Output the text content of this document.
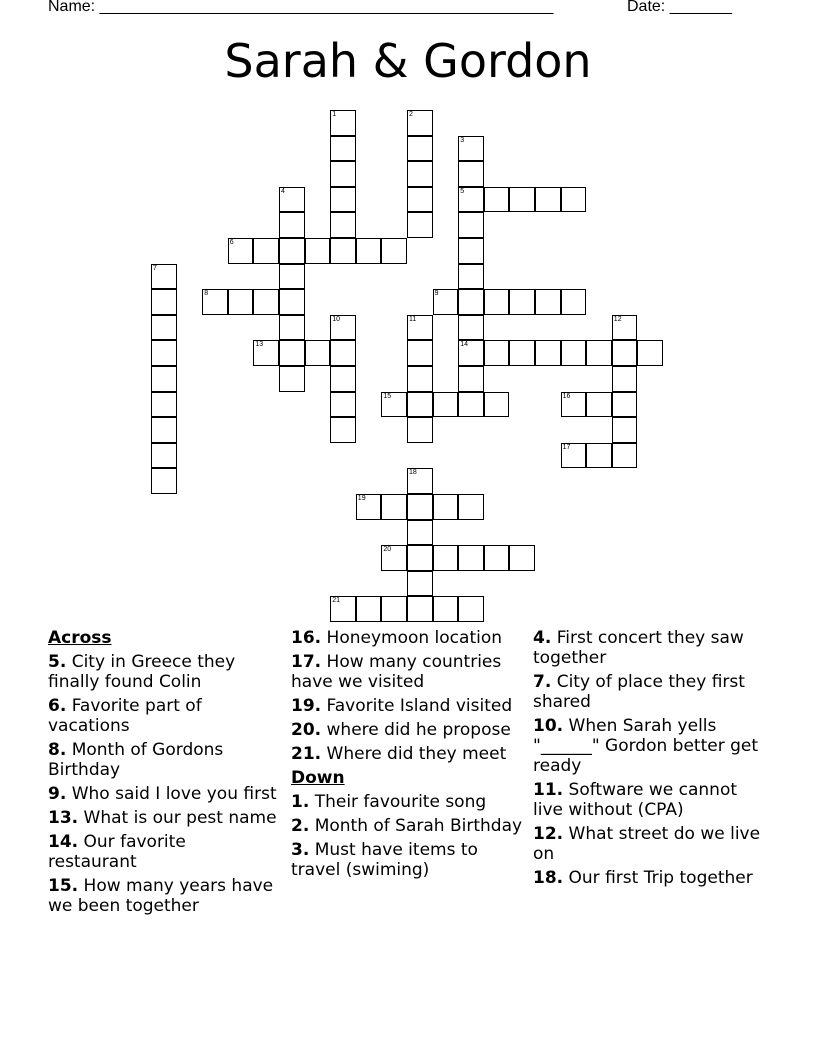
Name: ___________________________________________________	Date: _______
Sarah & Gordon
1	2
3
5
14
4
6
7
8	9
10	11	12
13
15	16
17
18
19
20
21
Across
5. City in Greece they finally found Colin
6. Favorite part of vacations
8. Month of Gordons Birthday
9. Who said I love you first
13. What is our pest name
14. Our favorite restaurant
15. How many years have we been together
16. Honeymoon location
17. How many countries have we visited
19. Favorite Island visited
20. where did he propose
21. Where did they meet
Down
1. Their favourite song
2. Month of Sarah Birthday
3. Must have items to travel (swiming)
4. First concert they saw together
7. City of place they first shared
10. When Sarah yells "______" Gordon better get ready
11. Software we cannot live without (CPA)
12. What street do we live on
18. Our first Trip together
